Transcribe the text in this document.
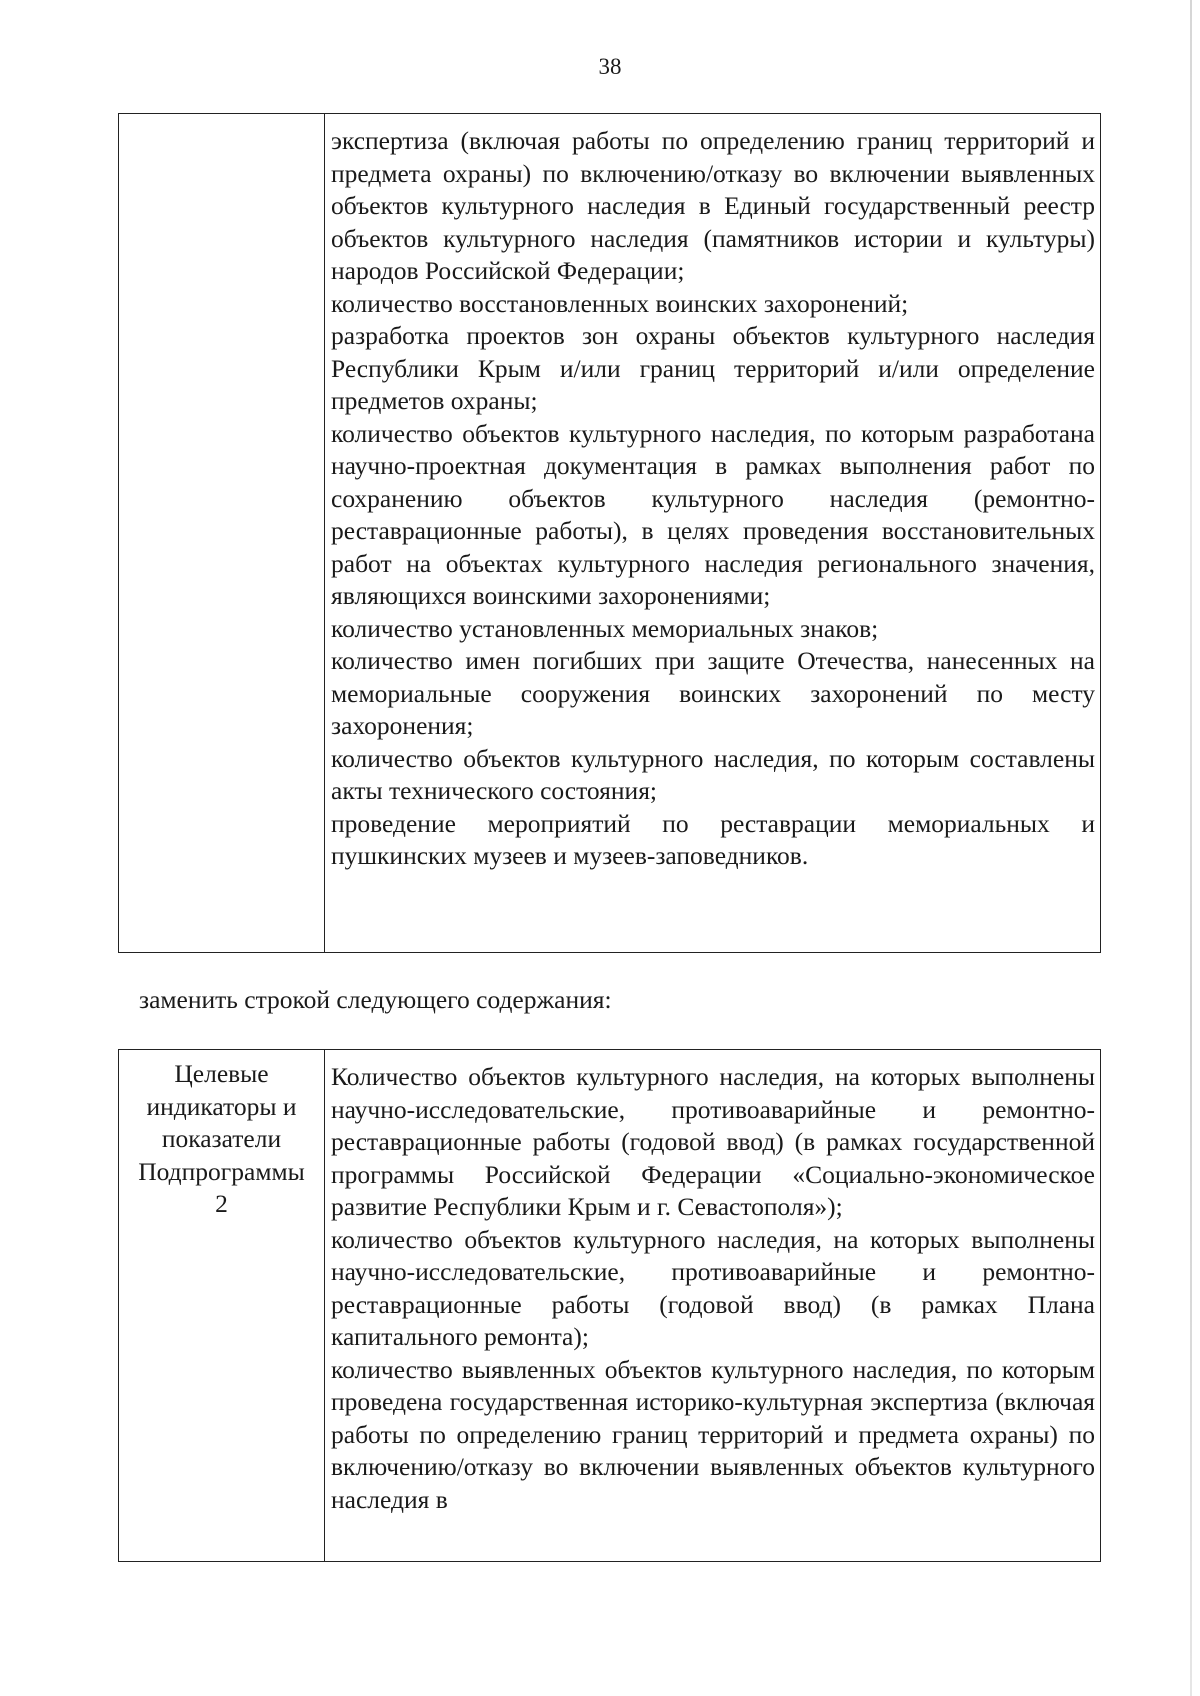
38

экспертиза (включая работы по определению границ территорий и предмета охраны) по включению/отказу во включении выявленных объектов культурного наследия в Единый государственный реестр объектов культурного наследия (памятников истории и культуры) народов Российской Федерации;

количество восстановленных воинских захоронений;

разработка проектов зон охраны объектов культурного наследия Республики Крым и/или границ территорий и/или определение предметов охраны;

количество объектов культурного наследия, по которым разработана научно-проектная документация в рамках выполнения работ по сохранению объектов культурного наследия (ремонтно-реставрационные работы), в целях проведения восстановительных работ на объектах культурного наследия регионального значения, являющихся воинскими захоронениями;

количество установленных мемориальных знаков;

количество имен погибших при защите Отечества, нанесенных на мемориальные сооружения воинских захоронений по месту захоронения;

количество объектов культурного наследия, по которым составлены акты технического состояния;

проведение мероприятий по реставрации мемориальных и пушкинских музеев и музеев-заповедников.

заменить строкой следующего содержания:
Целевые
индикаторы и
показатели
Подпрограммы
2

Количество объектов культурного наследия, на которых выполнены научно-исследовательские, противоаварийные и ремонтно-реставрационные работы (годовой ввод) (в рамках государственной программы Российской Федерации «Социально-экономическое развитие Республики Крым и г. Севастополя»);

количество объектов культурного наследия, на которых выполнены научно-исследовательские, противоаварийные и ремонтно-реставрационные работы (годовой ввод) (в рамках Плана капитального ремонта);

количество выявленных объектов культурного наследия, по которым проведена государственная историко-культурная экспертиза (включая работы по определению границ территорий и предмета охраны) по включению/отказу во включении выявленных объектов культурного наследия в
